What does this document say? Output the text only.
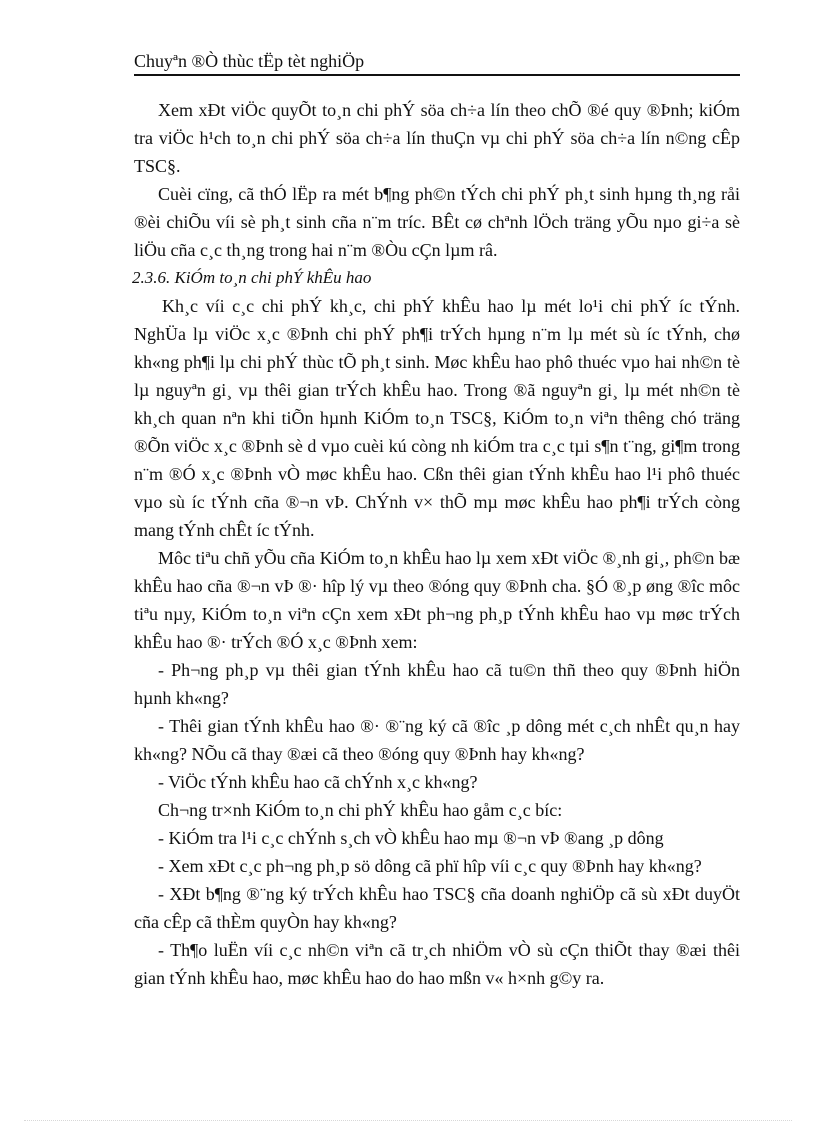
Chuyªn ®Ò thùc tËp tèt nghiÖp

Xem xÐt viÖc quyÕt to¸n chi phÝ söa ch÷a lín theo chÕ ®é quy ®Þnh; kiÓm tra viÖc h¹ch to¸n chi phÝ söa ch÷a lín thuÇn vµ chi phÝ söa ch÷a lín n©ng cÊp TSC§.

Cuèi cïng, cã thÓ lËp ra mét b¶ng ph©n tÝch chi phÝ ph¸t sinh hµng th¸ng råi ®èi chiÕu víi sè ph¸t sinh cña n¨m tríc. BÊt cø chªnh lÖch träng yÕu nµo gi÷a sè liÖu cña c¸c th¸ng trong hai n¨m ®Òu cÇn lµm râ.

2.3.6. KiÓm to¸n chi phÝ khÊu hao

Kh¸c víi c¸c chi phÝ kh¸c, chi phÝ khÊu hao lµ mét lo¹i chi phÝ íc tÝnh. NghÜa lµ viÖc x¸c ®Þnh chi phÝ ph¶i trÝch hµng n¨m lµ mét sù íc tÝnh, chø kh«ng ph¶i lµ chi phÝ thùc tÕ ph¸t sinh. Møc khÊu hao phô thuéc vµo hai nh©n tè lµ nguyªn gi¸ vµ thêi gian trÝch khÊu hao. Trong ®ã nguyªn gi¸ lµ mét nh©n tè kh¸ch quan nªn khi tiÕn hµnh KiÓm to¸n TSC§, KiÓm to¸n viªn thêng chó träng ®Õn viÖc x¸c ®Þnh sè d vµo cuèi kú còng nh kiÓm tra c¸c tµi s¶n t¨ng, gi¶m trong n¨m ®Ó x¸c ®Þnh vÒ møc khÊu hao. Cßn thêi gian tÝnh khÊu hao l¹i phô thuéc vµo sù íc tÝnh cña ®¬n vÞ. ChÝnh v× thÕ mµ møc khÊu hao ph¶i trÝch còng mang tÝnh chÊt íc tÝnh.

Môc tiªu chñ yÕu cña KiÓm to¸n khÊu hao lµ xem xÐt viÖc ®¸nh gi¸, ph©n bæ khÊu hao cña ®¬n vÞ ®· hîp lý vµ theo ®óng quy ®Þnh cha. §Ó ®¸p øng ®îc môc tiªu nµy, KiÓm to¸n viªn cÇn xem xÐt ph¬ng ph¸p tÝnh khÊu hao vµ møc trÝch khÊu hao ®· trÝch ®Ó x¸c ®Þnh xem:

- Ph¬ng ph¸p vµ thêi gian tÝnh khÊu hao cã tu©n thñ theo quy ®Þnh hiÖn hµnh kh«ng?

- Thêi gian tÝnh khÊu hao ®· ®¨ng ký cã ®îc ¸p dông mét c¸ch nhÊt qu¸n hay kh«ng? NÕu cã thay ®æi cã theo ®óng quy ®Þnh hay kh«ng?

- ViÖc tÝnh khÊu hao cã chÝnh x¸c kh«ng?

Ch¬ng tr×nh KiÓm to¸n chi phÝ khÊu hao gåm c¸c bíc:

- KiÓm tra l¹i c¸c chÝnh s¸ch vÒ khÊu hao mµ ®¬n vÞ ®ang ¸p dông

- Xem xÐt c¸c ph¬ng ph¸p sö dông cã phï hîp víi c¸c quy ®Þnh hay kh«ng?

- XÐt b¶ng ®¨ng ký trÝch khÊu hao TSC§ cña doanh nghiÖp cã sù xÐt duyÖt cña cÊp cã thÈm quyÒn hay kh«ng?

- Th¶o luËn víi c¸c nh©n viªn cã tr¸ch nhiÖm vÒ sù cÇn thiÕt thay ®æi thêi gian tÝnh khÊu hao, møc khÊu hao do hao mßn v« h×nh g©y ra.
